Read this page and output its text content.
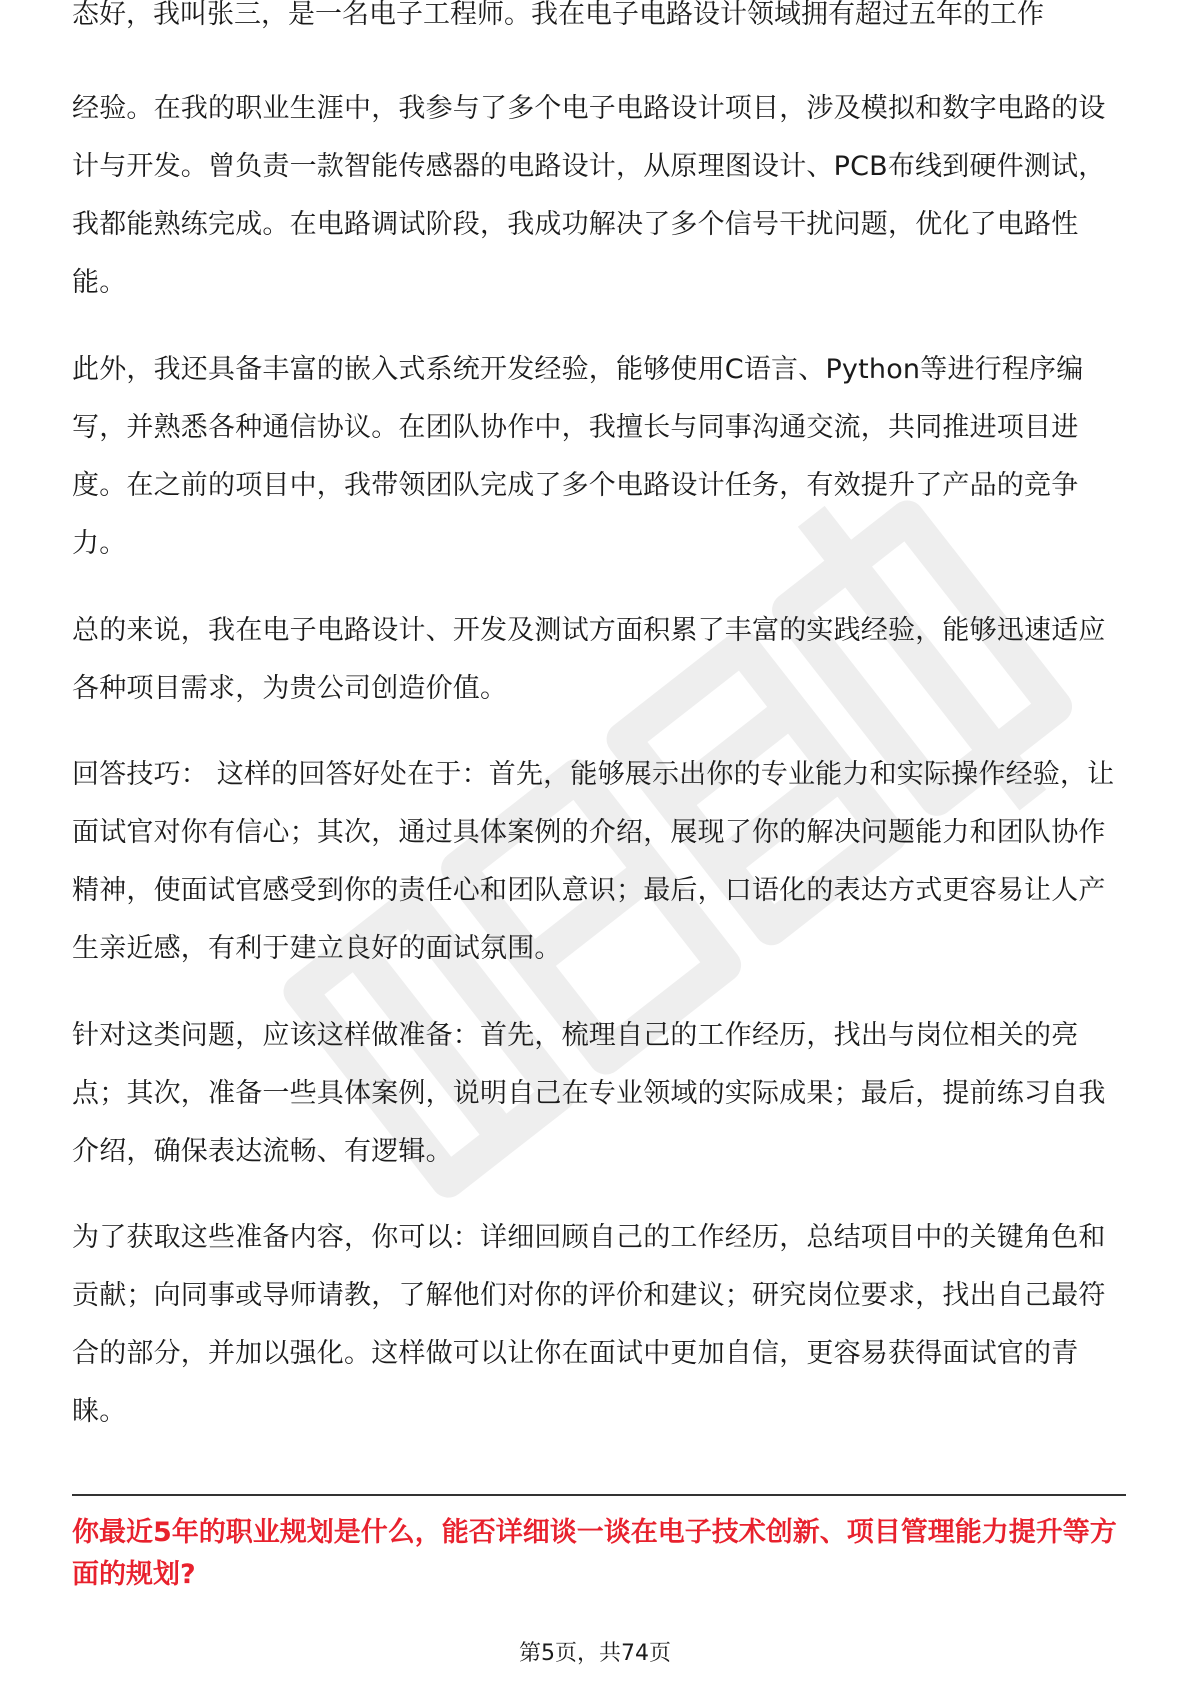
态好，我叫张三，是一名电子工程师。我在电子电路设计领域拥有超过五年的工作

经验。在我的职业生涯中，我参与了多个电子电路设计项目，涉及模拟和数字电路的设计与开发。曾负责一款智能传感器的电路设计，从原理图设计、PCB布线到硬件测试，我都能熟练完成。在电路调试阶段，我成功解决了多个信号干扰问题，优化了电路性能。

此外，我还具备丰富的嵌入式系统开发经验，能够使用C语言、Python等进行程序编写，并熟悉各种通信协议。在团队协作中，我擅长与同事沟通交流，共同推进项目进度。在之前的项目中，我带领团队完成了多个电路设计任务，有效提升了产品的竞争力。

总的来说，我在电子电路设计、开发及测试方面积累了丰富的实践经验，能够迅速适应各种项目需求，为贵公司创造价值。

回答技巧： 这样的回答好处在于：首先，能够展示出你的专业能力和实际操作经验，让面试官对你有信心；其次，通过具体案例的介绍，展现了你的解决问题能力和团队协作精神，使面试官感受到你的责任心和团队意识；最后，口语化的表达方式更容易让人产生亲近感，有利于建立良好的面试氛围。

针对这类问题，应该这样做准备：首先，梳理自己的工作经历，找出与岗位相关的亮点；其次，准备一些具体案例，说明自己在专业领域的实际成果；最后，提前练习自我介绍，确保表达流畅、有逻辑。

为了获取这些准备内容，你可以：详细回顾自己的工作经历，总结项目中的关键角色和贡献；向同事或导师请教，了解他们对你的评价和建议；研究岗位要求，找出自己最符合的部分，并加以强化。这样做可以让你在面试中更加自信，更容易获得面试官的青睐。

你最近5年的职业规划是什么，能否详细谈一谈在电子技术创新、项目管理能力提升等方面的规划?

第5页，共74页
